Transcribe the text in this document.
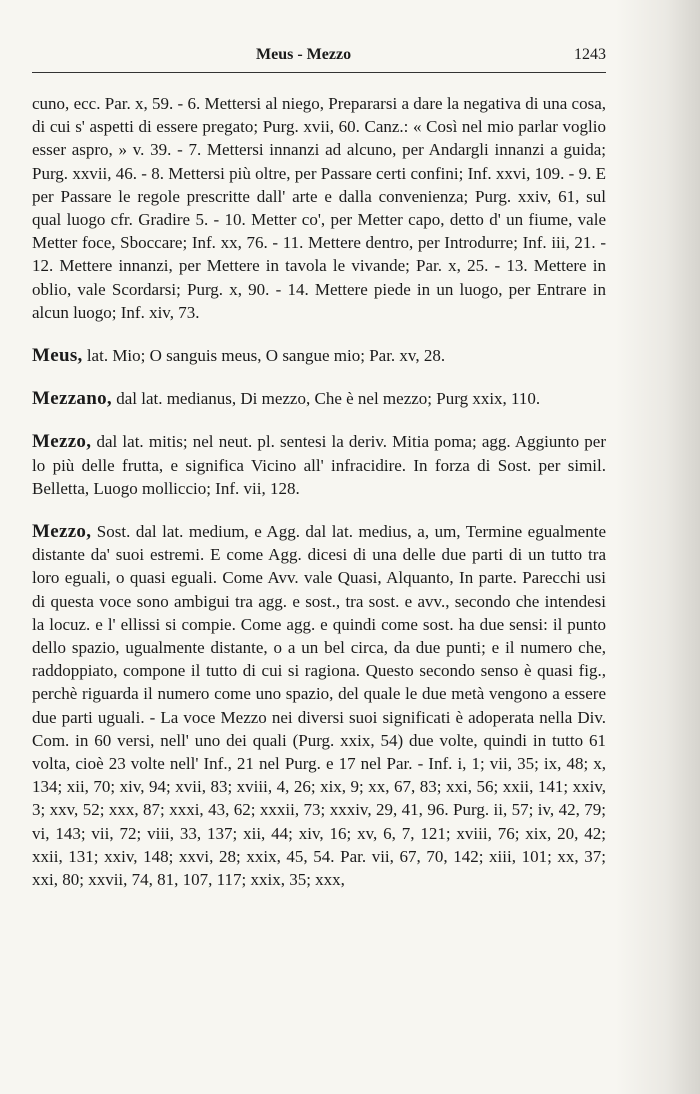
Meus - Mezzo	1243

cuno, ecc. Par. x, 59. - 6. Mettersi al niego, Prepararsi a dare la negativa di una cosa, di cui s' aspetti di essere pregato; Purg. xvii, 60. Canz.: « Così nel mio parlar voglio esser aspro, » v. 39. - 7. Mettersi innanzi ad alcuno, per Andargli innanzi a guida; Purg. xxvii, 46. - 8. Mettersi più oltre, per Passare certi confini; Inf. xxvi, 109. - 9. E per Passare le regole prescritte dall' arte e dalla convenienza; Purg. xxiv, 61, sul qual luogo cfr. Gradire 5. - 10. Metter co', per Metter capo, detto d' un fiume, vale Metter foce, Sboccare; Inf. xx, 76. - 11. Mettere dentro, per Introdurre; Inf. iii, 21. - 12. Mettere innanzi, per Mettere in tavola le vivande; Par. x, 25. - 13. Mettere in oblio, vale Scordarsi; Purg. x, 90. - 14. Mettere piede in un luogo, per Entrare in alcun luogo; Inf. xiv, 73.

Meus, lat. Mio; O sanguis meus, O sangue mio; Par. xv, 28.

Mezzano, dal lat. medianus, Di mezzo, Che è nel mezzo; Purg xxix, 110.

Mezzo, dal lat. mitis; nel neut. pl. sentesi la deriv. Mitia poma; agg. Aggiunto per lo più delle frutta, e significa Vicino all' infracidire. In forza di Sost. per simil. Belletta, Luogo molliccio; Inf. vii, 128.

Mezzo, Sost. dal lat. medium, e Agg. dal lat. medius, a, um, Termine egualmente distante da' suoi estremi. E come Agg. dicesi di una delle due parti di un tutto tra loro eguali, o quasi eguali. Come Avv. vale Quasi, Alquanto, In parte. Parecchi usi di questa voce sono ambigui tra agg. e sost., tra sost. e avv., secondo che intendesi la locuz. e l' ellissi si compie. Come agg. e quindi come sost. ha due sensi: il punto dello spazio, ugualmente distante, o a un bel circa, da due punti; e il numero che, raddoppiato, compone il tutto di cui si ragiona. Questo secondo senso è quasi fig., perchè riguarda il numero come uno spazio, del quale le due metà vengono a essere due parti uguali. - La voce Mezzo nei diversi suoi significati è adoperata nella Div. Com. in 60 versi, nell' uno dei quali (Purg. xxix, 54) due volte, quindi in tutto 61 volta, cioè 23 volte nell' Inf., 21 nel Purg. e 17 nel Par. - Inf. i, 1; vii, 35; ix, 48; x, 134; xii, 70; xiv, 94; xvii, 83; xviii, 4, 26; xix, 9; xx, 67, 83; xxi, 56; xxii, 141; xxiv, 3; xxv, 52; xxx, 87; xxxi, 43, 62; xxxii, 73; xxxiv, 29, 41, 96. Purg. ii, 57; iv, 42, 79; vi, 143; vii, 72; viii, 33, 137; xii, 44; xiv, 16; xv, 6, 7, 121; xviii, 76; xix, 20, 42; xxii, 131; xxiv, 148; xxvi, 28; xxix, 45, 54. Par. vii, 67, 70, 142; xiii, 101; xx, 37; xxi, 80; xxvii, 74, 81, 107, 117; xxix, 35; xxx,
